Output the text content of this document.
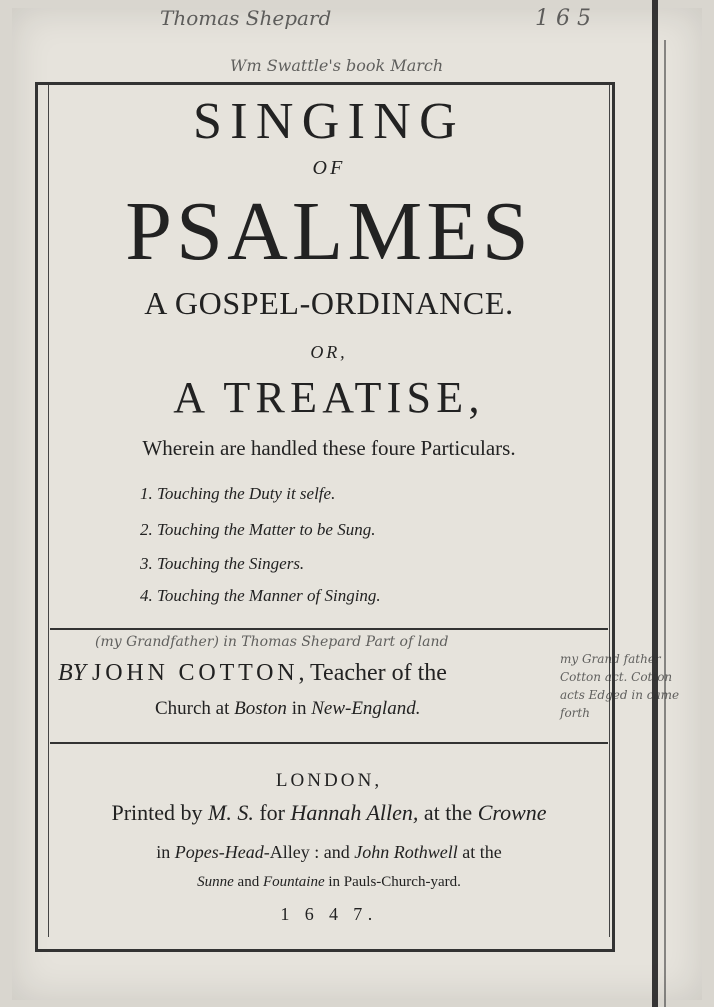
Thomas Shepard	1 6 5
Wm Swattle's book March
(my Grandfather) in Thomas Shepard Part of land
my Grand father Cotton act. Cotton acts Edged in came forth
SINGING
OF
PSALMES
A GOSPEL-ORDINANCE.
OR,
A TREATISE,
Wherein are handled these foure Particulars.
1. Touching the Duty it selfe.
2. Touching the Matter to be Sung.
3. Touching the Singers.
4. Touching the Manner of Singing.
BY JOHN COTTON, Teacher of the
Church at Boston in New-England.
LONDON,
Printed by M. S. for Hannah Allen, at the Crowne
in Popes-Head-Alley : and John Rothwell at the
Sunne and Fountaine in Pauls-Church-yard.
1 6 4 7.
